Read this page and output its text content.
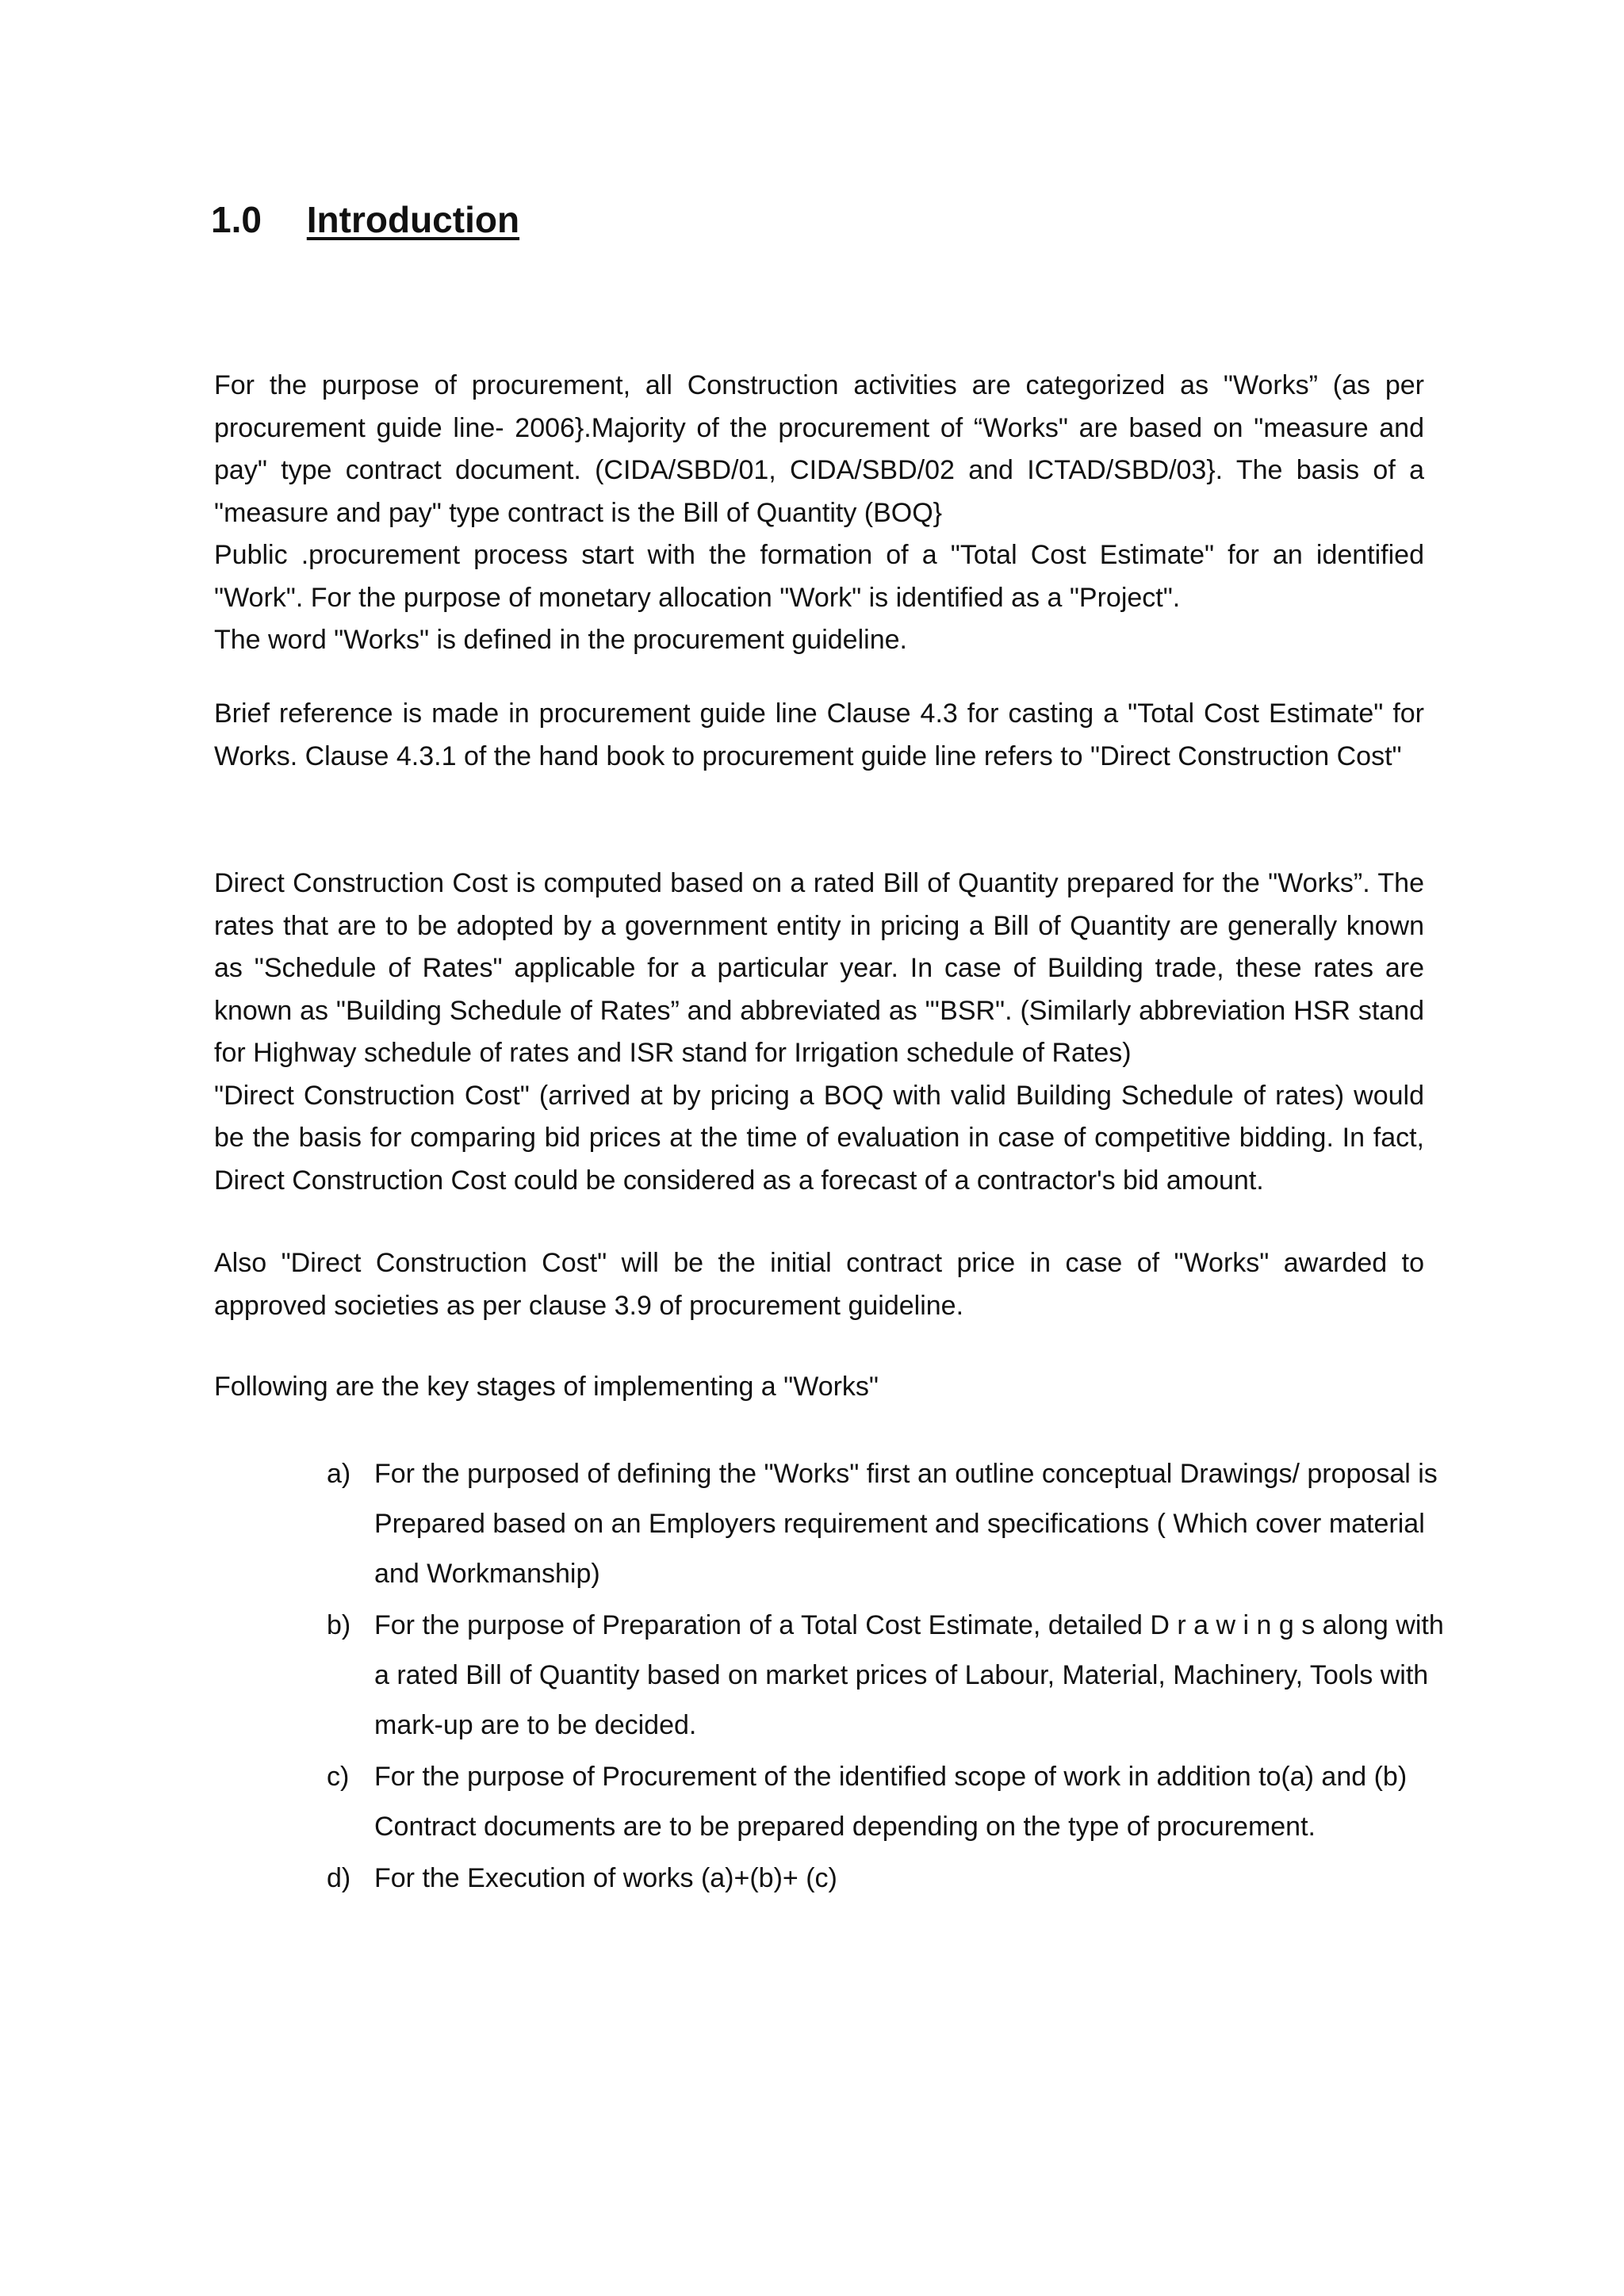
1.0 Introduction

For the purpose of procurement, all Construction activities are categorized as "Works” (as per procurement guide line- 2006}.Majority of the procurement of “Works" are based on "measure and pay" type contract document. (CIDA/SBD/01, CIDA/SBD/02 and ICTAD/SBD/03}. The basis of a "measure and pay" type contract is the Bill of Quantity (BOQ}

Public .procurement process start with the formation of a "Total Cost Estimate" for an identified "Work". For the purpose of monetary allocation "Work" is identified as a "Project".

The word "Works" is defined in the procurement guideline.

Brief reference is made in procurement guide line Clause 4.3 for casting a "Total Cost Estimate" for Works. Clause 4.3.1 of the hand book to procurement guide line refers to "Direct Construction Cost"

Direct Construction Cost is computed based on a rated Bill of Quantity prepared for the "Works”. The rates that are to be adopted by a government entity in pricing a Bill of Quantity are generally known as "Schedule of Rates" applicable for a particular year. In case of Building trade, these rates are known as "Building Schedule of Rates” and abbreviated as "'BSR". (Similarly abbreviation HSR stand for Highway schedule of rates and ISR stand for Irrigation schedule of Rates)

"Direct Construction Cost" (arrived at by pricing a BOQ with valid Building Schedule of rates) would be the basis for comparing bid prices at the time of evaluation in case of competitive bidding. In fact, Direct Construction Cost could be considered as a forecast of a contractor's bid amount.

Also "Direct Construction Cost" will be the initial contract price in case of "Works" awarded to approved societies as per clause 3.9 of procurement guideline.

Following are the key stages of implementing a "Works"

a) For the purposed of defining the "Works" first an outline conceptual Drawings/ proposal is Prepared based on an Employers requirement and specifications ( Which cover material and Workmanship)
b) For the purpose of Preparation of a Total Cost Estimate, detailed D r a w i n g s along with a rated Bill of Quantity based on market prices of Labour, Material, Machinery, Tools with mark-up are to be decided.
c) For the purpose of Procurement of the identified scope of work in addition to(a) and (b) Contract documents are to be prepared depending on the type of procurement.
d) For the Execution of works (a)+(b)+ (c)
